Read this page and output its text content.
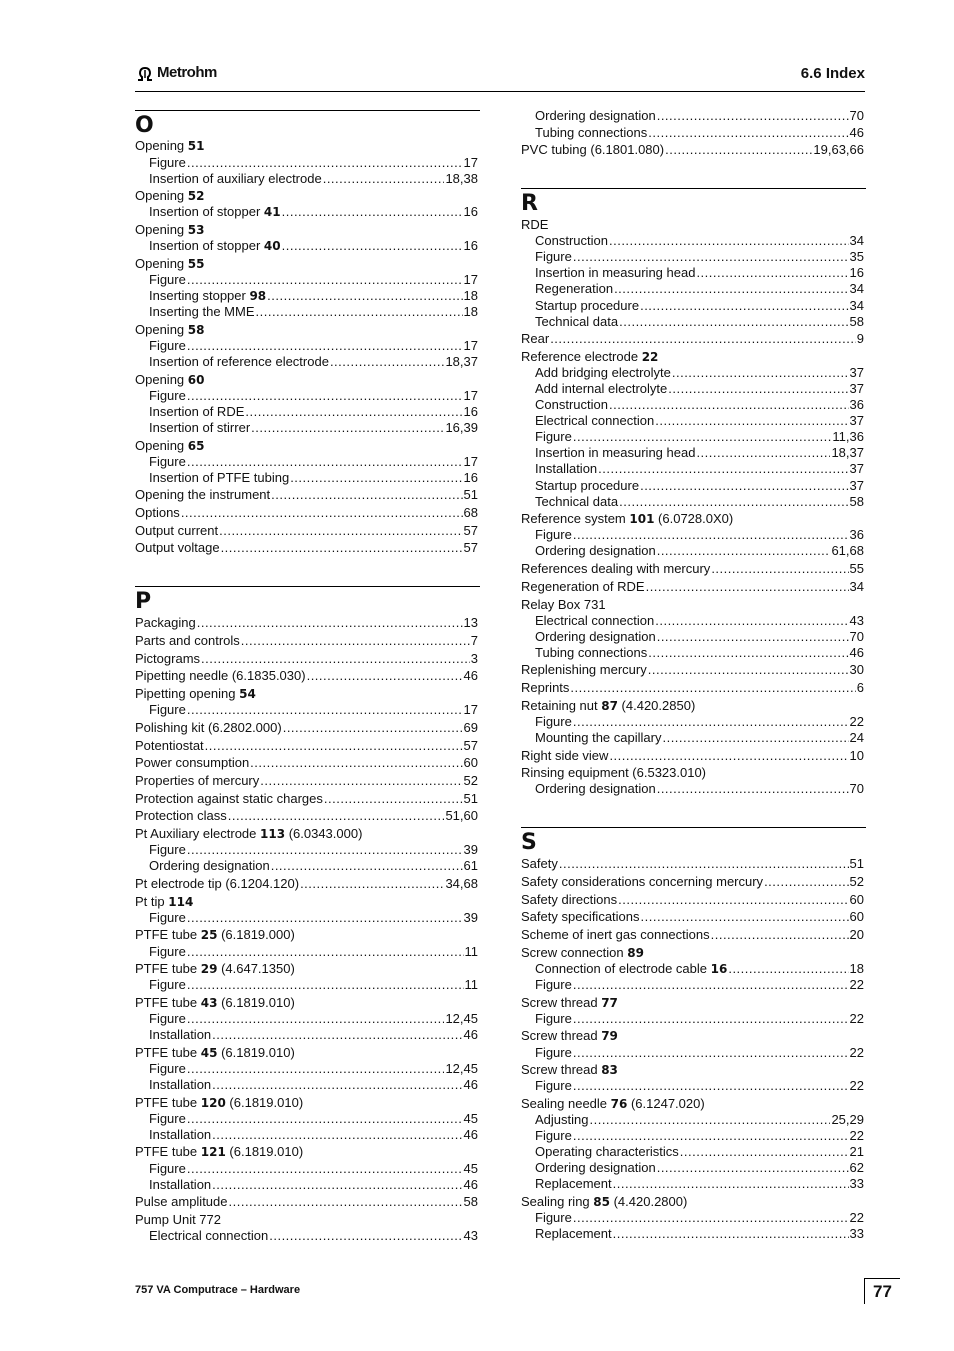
Metrohm	6.6 Index
O
Opening 51
Figure .....	17
Insertion of auxiliary electrode .....	18,38
Opening 52
Insertion of stopper 41 .....	16
Opening 53
Insertion of stopper 40 .....	16
Opening 55
Figure .....	17
Inserting stopper 98 .....	18
Inserting the MME .....	18
Opening 58
Figure .....	17
Insertion of reference electrode .....	18,37
Opening 60
Figure .....	17
Insertion of RDE .....	16
Insertion of stirrer .....	16,39
Opening 65
Figure .....	17
Insertion of PTFE tubing .....	16
Opening the instrument .....	51
Options .....	68
Output current .....	57
Output voltage .....	57
P
Packaging .....	13
Parts and controls .....	7
Pictograms .....	3
Pipetting needle (6.1835.030) .....	46
Pipetting opening 54
Figure .....	17
Polishing kit (6.2802.000) .....	69
Potentiostat .....	57
Power consumption .....	60
Properties of mercury .....	52
Protection against static charges .....	51
Protection class .....	51,60
Pt Auxiliary electrode 113 (6.0343.000)
Figure .....	39
Ordering designation .....	61
Pt electrode tip (6.1204.120) .....	34,68
Pt tip 114
Figure .....	39
PTFE tube 25 (6.1819.000)
Figure .....	11
PTFE tube 29 (4.647.1350)
Figure .....	11
PTFE tube 43 (6.1819.010)
Figure .....	12,45
Installation .....	46
PTFE tube 45 (6.1819.010)
Figure .....	12,45
Installation .....	46
PTFE tube 120 (6.1819.010)
Figure .....	45
Installation .....	46
PTFE tube 121 (6.1819.010)
Figure .....	45
Installation .....	46
Pulse amplitude .....	58
Pump Unit 772
Electrical connection .....	43
Ordering designation .....	70
Tubing connections .....	46
PVC tubing (6.1801.080) .....	19,63,66
R
RDE
Construction .....	34
Figure .....	35
Insertion in measuring head .....	16
Regeneration .....	34
Startup procedure .....	34
Technical data .....	58
Rear .....	9
Reference electrode 22
Add bridging electrolyte .....	37
Add internal electrolyte .....	37
Construction .....	36
Electrical connection .....	37
Figure .....	11,36
Insertion in measuring head .....	18,37
Installation .....	37
Startup procedure .....	37
Technical data .....	58
Reference system 101 (6.0728.0X0)
Figure .....	36
Ordering designation .....	61,68
References dealing with mercury .....	55
Regeneration of RDE .....	34
Relay Box 731
Electrical connection .....	43
Ordering designation .....	70
Tubing connections .....	46
Replenishing mercury .....	30
Reprints .....	6
Retaining nut 87 (4.420.2850)
Figure .....	22
Mounting the capillary .....	24
Right side view .....	10
Rinsing equipment (6.5323.010)
Ordering designation .....	70
S
Safety .....	51
Safety considerations concerning mercury .....	52
Safety directions .....	60
Safety specifications .....	60
Scheme of inert gas connections .....	20
Screw connection 89
Connection of electrode cable 16 .....	18
Figure .....	22
Screw thread 77
Figure .....	22
Screw thread 79
Figure .....	22
Screw thread 83
Figure .....	22
Sealing needle 76 (6.1247.020)
Adjusting .....	25,29
Figure .....	22
Operating characteristics .....	21
Ordering designation .....	62
Replacement .....	33
Sealing ring 85 (4.420.2800)
Figure .....	22
Replacement .....	33
757 VA Computrace – Hardware	77
